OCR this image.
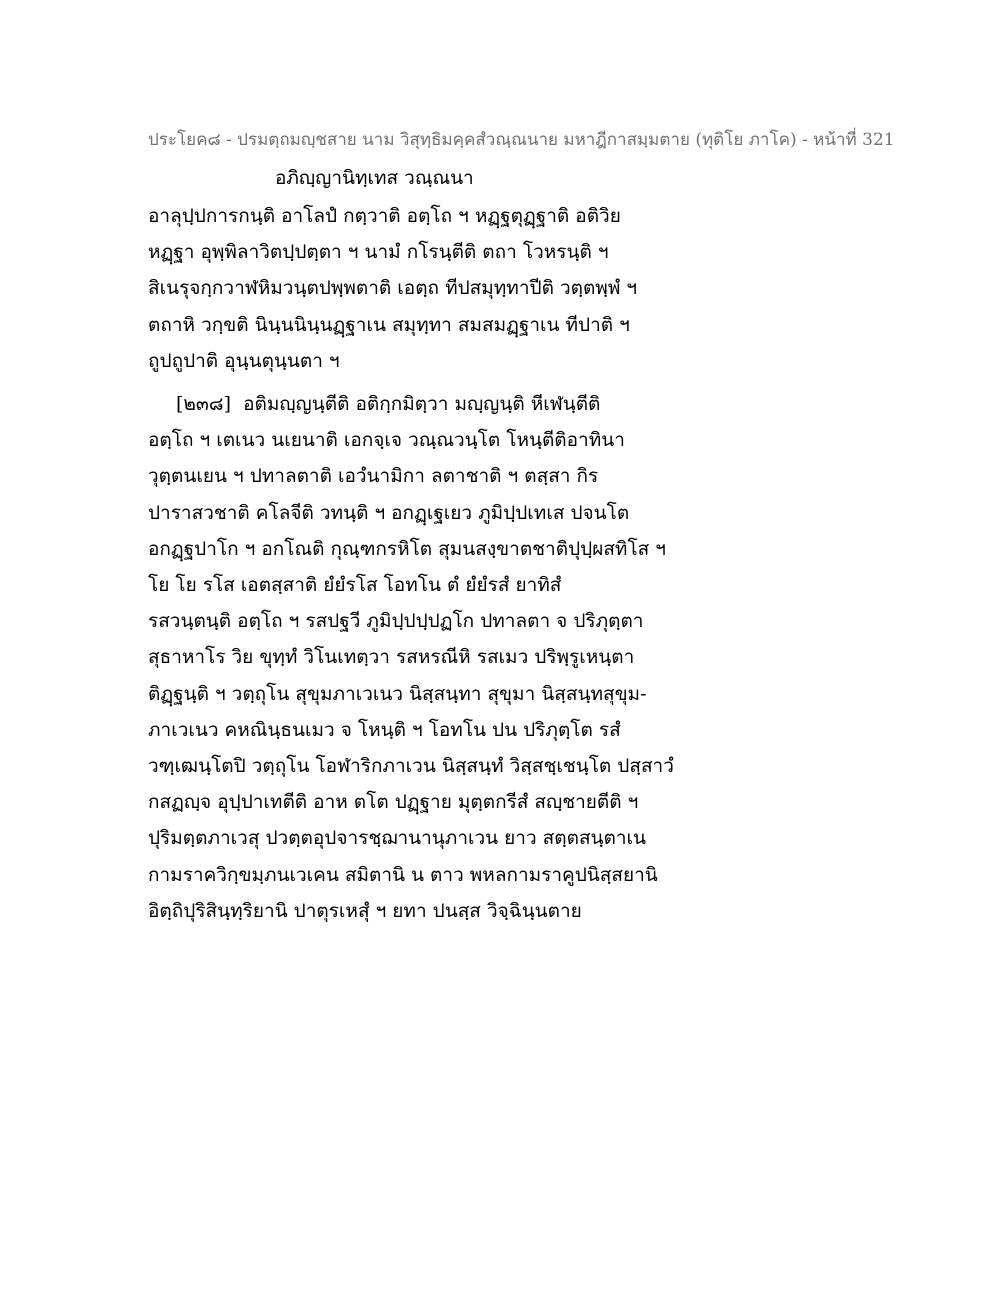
ประโยค๘ - ปรมตฺถมญฺชสาย นาม วิสุทฺธิมคฺคสํวณฺณนาย มหาฎีกาสมฺมตาย (ทุติโย ภาโค) - หน้าที่ 321
อภิญฺญานิทฺเทส วณฺณนา
อาลุปฺปการกนฺติ อาโลปํ กตฺวาติ อตฺโถ ฯ หฏฺฐตุฏฺฐาติ อติวิย
หฏฺฐา อุพฺพิลาวิตปฺปตฺตา ฯ นามํ กโรนฺตีติ ตถา โวหรนฺติ ฯ
สิเนรุจกฺกวาฬหิมวนฺตปพฺพตาติ เอตฺถ ทีปสมุทฺทาปีติ วตฺตพฺพํ ฯ
ตถาหิ วกฺขติ นินฺนนินฺนฏฺฐาเน สมุทฺทา สมสมฏฺฐาเน ทีปาติ ฯ
ถูปถูปาติ อุนฺนตุนฺนตา ฯ
[๒๓๘] อติมญฺญนฺตีติ อติกฺกมิตฺวา มญฺญนฺติ หีเฬนฺตีติ
อตฺโถ ฯ เตเนว นเยนาติ เอกจฺเจ วณฺณวนฺโต โหนฺตีติอาทินา
วุตฺตนเยน ฯ ปทาลตาติ เอวํนามิกา ลตาชาติ ฯ ตสฺสา กิร
ปาราสวชาติ คโลจีติ วทนฺติ ฯ อกฏฺเฐเยว ภูมิปฺปเทเส ปจนโต
อกฏฺฐปาโก ฯ อกโณติ กุณฺฑกรหิโต สุมนสงฺขาตชาติปุปฺผสทิโส ฯ
โย โย รโส เอตสฺสาติ ยํยํรโส โอทโน ตํ ยํยํรสํ ยาทิสํ
รสวนฺตนฺติ อตฺโถ ฯ รสปฐวี ภูมิปฺปปฺปฏโก ปทาลตา จ ปริภุตฺตา
สุธาหาโร วิย ขุทฺทํ วิโนเทตฺวา รสหรณีหิ รสเมว ปริพฺรูเหนฺตา
ติฏฺฐนฺติ ฯ วตฺถุโน สุขุมภาเวเนว นิสฺสนฺทา สุขุมา นิสฺสนฺทสุขุม-
ภาเวเนว คหณินฺธนเมว จ โหนฺติ ฯ โอทโน ปน ปริภุตฺโต รสํ
วฑฺเฒนฺโตปิ วตฺถุโน โอฬาริกภาเวน นิสฺสนฺทํ วิสฺสชฺเชนฺโต ปสฺสาวํ
กสฏญฺจ อุปฺปาเทตีติ อาห ตโต ปฏฺฐาย มุตฺตกรีสํ สญฺชายตีติ ฯ
ปุริมตฺตภาเวสุ ปวตฺตอุปจารชฺฌานานุภาเวน ยาว สตฺตสนฺตาเน
กามราควิกฺขมฺภนเวเคน สมิตานิ น ตาว พหลกามราคูปนิสฺสยานิ
อิตฺถิปุริสินฺทฺริยานิ ปาตุรเหสุํ ฯ ยทา ปนสฺส วิจฺฉินฺนตาย
